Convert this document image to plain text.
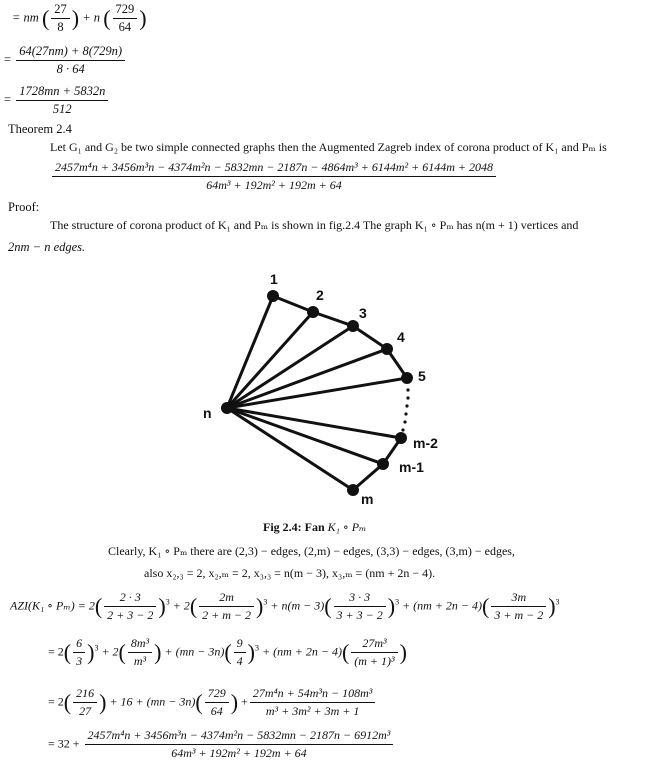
= nm ( $\frac{27}{8}$ ) + n ( $\frac{729}{64}$ )
= $\frac{64(27nm) + 8(729n)}{8 \cdot 64}$
= $\frac{1728mn + 5832n}{512}$
Theorem 2.4
Let G₁ and G₂ be two simple connected graphs then the Augmented Zagreb index of corona product of K₁ and Pₘ is
2457m⁴n + 3456m³n − 4374m²n − 5832mn − 2187n − 4864m³ + 6144m² + 6144m + 2048
64m³ + 192m² + 192m + 64
Proof:
The structure of corona product of K₁ and Pₘ is shown in fig.2.4 The graph K₁ ∘ Pₘ has n(m + 1) vertices and
2nm − n edges.
1
2
3
4
5
m-2
m-1
m
n
Fig 2.4: Fan K₁ ∘ Pₘ
Clearly, K₁ ∘ Pₘ there are (2,3) − edges, (2,m) − edges, (3,3) − edges, (3,m) − edges,
also x₂,₃ = 2, x₂,ₘ = 2, x₃,₃ = n(m − 3), x₃,ₘ = (nm + 2n − 4).
AZI(K₁ ∘ $P_m) = 2( \frac{2 \cdot 3}{2 + 3 - 2} )^3 + 2( \frac{2m}{2 + m - 2} )^3 + n(m - 3)( \frac{3 \cdot 3}{3 + 3 - 2} )^3 + (nm + 2n - 4)( \frac{3m}{3 + m - 2} )^3$
= $2( \frac{6}{3} )^3 + 2( \frac{\text{8m³}}{\text{m³}}$ ) + $(mn - 3n)( \frac{9}{4} )^3 + (nm + 2n - 4)( \frac{\text{27m³}}{\text{(m + 1)³}}$ )
= $2( \frac{216}{27}$ ) + $16 + (mn - 3n)( \frac{729}{64}$ ) + $\frac{\text{27m⁴n + 54m³n − 108m³}}{\text{m³ + 3m² + 3m + 1}}$
= $32 + \frac{\text{2457m⁴n + 3456m³n − 4374m²n − 5832mn − 2187n − 6912m³}}{\text{64m³ + 192m² + 192m + 64}}$
